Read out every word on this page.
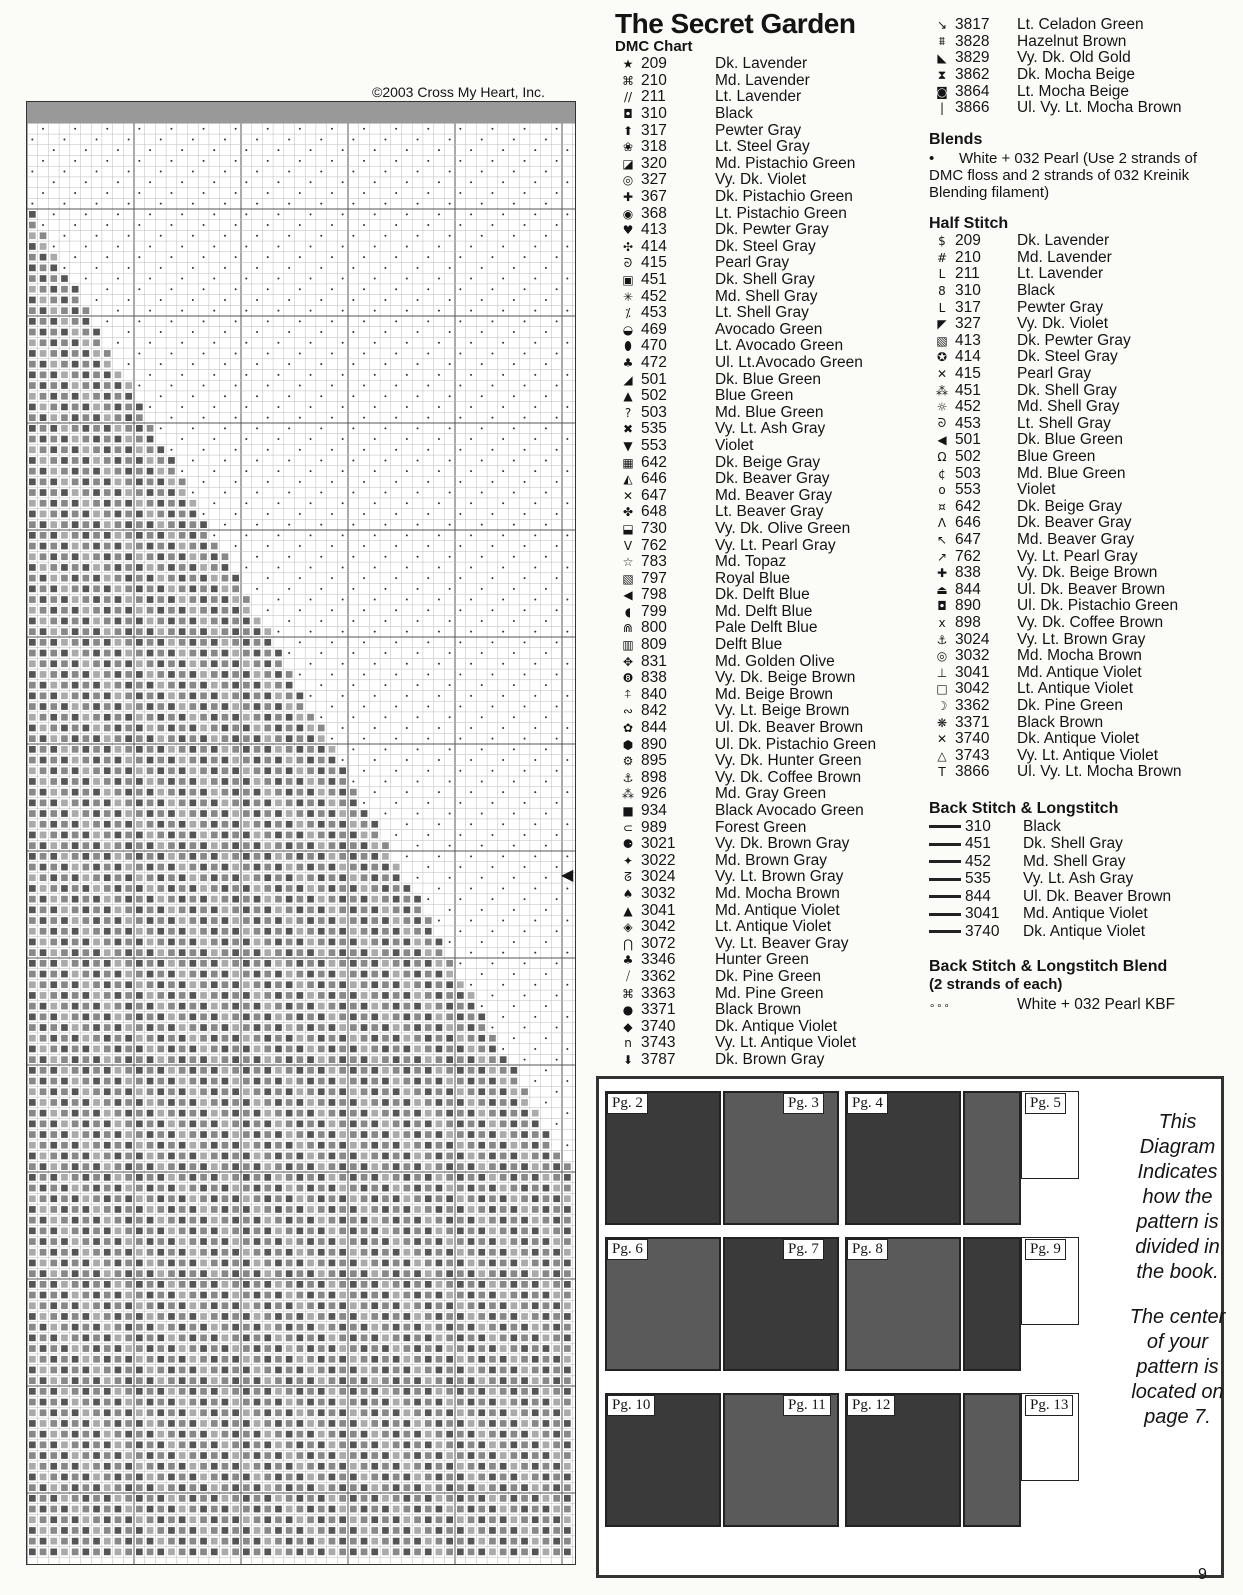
©2003 Cross My Heart, Inc.
◀
The Secret Garden
DMC Chart
★ 209	Dk. Lavender
⌘ 210	Md. Lavender
// 211	Lt. Lavender
◘ 310	Black
⬆ 317	Pewter Gray
❀ 318	Lt. Steel Gray
◪ 320	Md. Pistachio Green
◎ 327	Vy. Dk. Violet
✚ 367	Dk. Pistachio Green
◉ 368	Lt. Pistachio Green
♥ 413	Dk. Pewter Gray
✣ 414	Dk. Steel Gray
ᘐ 415	Pearl Gray
▣ 451	Dk. Shell Gray
✳ 452	Md. Shell Gray
⁒ 453	Lt. Shell Gray
◒ 469	Avocado Green
⬮ 470	Lt. Avocado Green
♣ 472	Ul. Lt.Avocado Green
◢ 501	Dk. Blue Green
▲ 502	Blue Green
? 503	Md. Blue Green
✖ 535	Vy. Lt. Ash Gray
▼ 553	Violet
▦ 642	Dk. Beige Gray
◭ 646	Dk. Beaver Gray
✕ 647	Md. Beaver Gray
✤ 648	Lt. Beaver Gray
⬓ 730	Vy. Dk. Olive Green
V 762	Vy. Lt. Pearl Gray
☆ 783	Md. Topaz
▧ 797	Royal Blue
◀ 798	Dk. Delft Blue
◖ 799	Md. Delft Blue
⋒ 800	Pale Delft Blue
▥ 809	Delft Blue
✥ 831	Md. Golden Olive
❽ 838	Vy. Dk. Beige Brown
⍏ 840	Md. Beige Brown
∾ 842	Vy. Lt. Beige Brown
✿ 844	Ul. Dk. Beaver Brown
⬢ 890	Ul. Dk. Pistachio Green
⚙ 895	Vy. Dk. Hunter Green
⚓ 898	Vy. Dk. Coffee Brown
⁂ 926	Md. Gray Green
■ 934	Black Avocado Green
⊂ 989	Forest Green
⚈ 3021	Vy. Dk. Brown Gray
✦ 3022	Md. Brown Gray
ᘔ 3024	Vy. Lt. Brown Gray
♠ 3032	Md. Mocha Brown
▲ 3041	Md. Antique Violet
◈ 3042	Lt. Antique Violet
⋂ 3072	Vy. Lt. Beaver Gray
♣ 3346	Hunter Green
⧸ 3362	Dk. Pine Green
⌘ 3363	Md. Pine Green
● 3371	Black Brown
◆ 3740	Dk. Antique Violet
n 3743	Vy. Lt. Antique Violet
⬇ 3787	Dk. Brown Gray
↘ 3817	Lt. Celadon Green
⩩ 3828	Hazelnut Brown
◣ 3829	Vy. Dk. Old Gold
⧗ 3862	Dk. Mocha Beige
◙ 3864	Lt. Mocha Beige
| 3866	Ul. Vy. Lt. Mocha Brown
Blends
• White + 032 Pearl (Use 2 strands of DMC floss and 2 strands of 032 Kreinik Blending filament)
Half Stitch
$ 209	Dk. Lavender
# 210	Md. Lavender
L 211	Lt. Lavender
8 310	Black
L 317	Pewter Gray
◤ 327	Vy. Dk. Violet
▧ 413	Dk. Pewter Gray
✪ 414	Dk. Steel Gray
✕ 415	Pearl Gray
⁂ 451	Dk. Shell Gray
☼ 452	Md. Shell Gray
ᘐ 453	Lt. Shell Gray
◀ 501	Dk. Blue Green
Ω 502	Blue Green
¢ 503	Md. Blue Green
o 553	Violet
¤ 642	Dk. Beige Gray
Λ 646	Dk. Beaver Gray
↖ 647	Md. Beaver Gray
↗ 762	Vy. Lt. Pearl Gray
✚ 838	Vy. Dk. Beige Brown
⏏ 844	Ul. Dk. Beaver Brown
◘ 890	Ul. Dk. Pistachio Green
x 898	Vy. Dk. Coffee Brown
⚓ 3024	Vy. Lt. Brown Gray
◎ 3032	Md. Mocha Brown
⊥ 3041	Md. Antique Violet
□ 3042	Lt. Antique Violet
☽ 3362	Dk. Pine Green
❋ 3371	Black Brown
✕ 3740	Dk. Antique Violet
△ 3743	Vy. Lt. Antique Violet
T 3866	Ul. Vy. Lt. Mocha Brown
Back Stitch & Longstitch
310	Black
451	Dk. Shell Gray
452	Md. Shell Gray
535	Vy. Lt. Ash Gray
844	Ul. Dk. Beaver Brown
3041	Md. Antique Violet
3740	Dk. Antique Violet
Back Stitch & Longstitch Blend
(2 strands of each)
∘∘∘	White + 032 Pearl KBF
Pg. 2	Pg. 3	Pg. 4	Pg. 5
Pg. 6	Pg. 7	Pg. 8	Pg. 9
Pg. 10	Pg. 11	Pg. 12	Pg. 13
This Diagram Indicates how the pattern is divided in the book.
The center of your pattern is located on page 7.
9
